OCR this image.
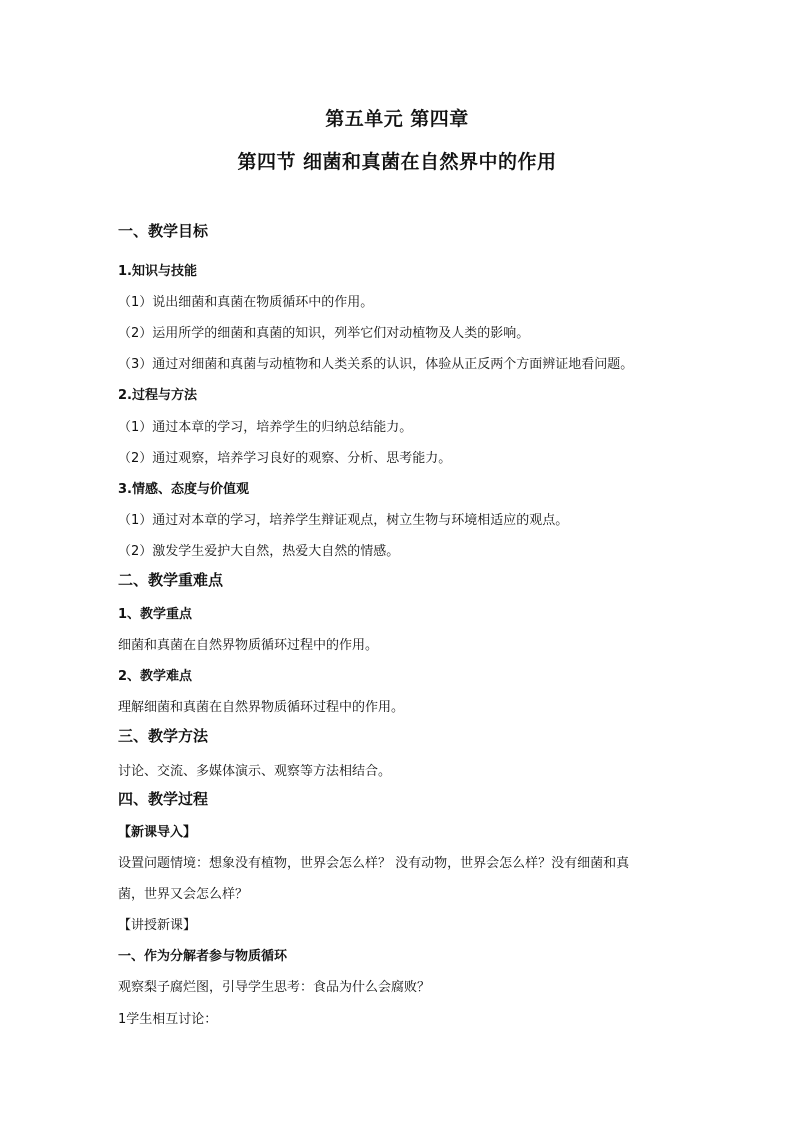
第五单元 第四章
第四节 细菌和真菌在自然界中的作用
一、教学目标
1.知识与技能
（1）说出细菌和真菌在物质循环中的作用。
（2）运用所学的细菌和真菌的知识，列举它们对动植物及人类的影响。
（3）通过对细菌和真菌与动植物和人类关系的认识，体验从正反两个方面辨证地看问题。
2.过程与方法
（1）通过本章的学习，培养学生的归纳总结能力。
（2）通过观察，培养学习良好的观察、分析、思考能力。
3.情感、态度与价值观
（1）通过对本章的学习，培养学生辩证观点，树立生物与环境相适应的观点。
（2）激发学生爱护大自然，热爱大自然的情感。
二、教学重难点
1、教学重点
细菌和真菌在自然界物质循环过程中的作用。
2、教学难点
理解细菌和真菌在自然界物质循环过程中的作用。
三、教学方法
讨论、交流、多媒体演示、观察等方法相结合。
四、教学过程
【新课导入】
设置问题情境：想象没有植物，世界会怎么样？ 没有动物，世界会怎么样？没有细菌和真
菌，世界又会怎么样？
【讲授新课】
一、作为分解者参与物质循环
观察梨子腐烂图，引导学生思考：食品为什么会腐败？
1学生相互讨论：
